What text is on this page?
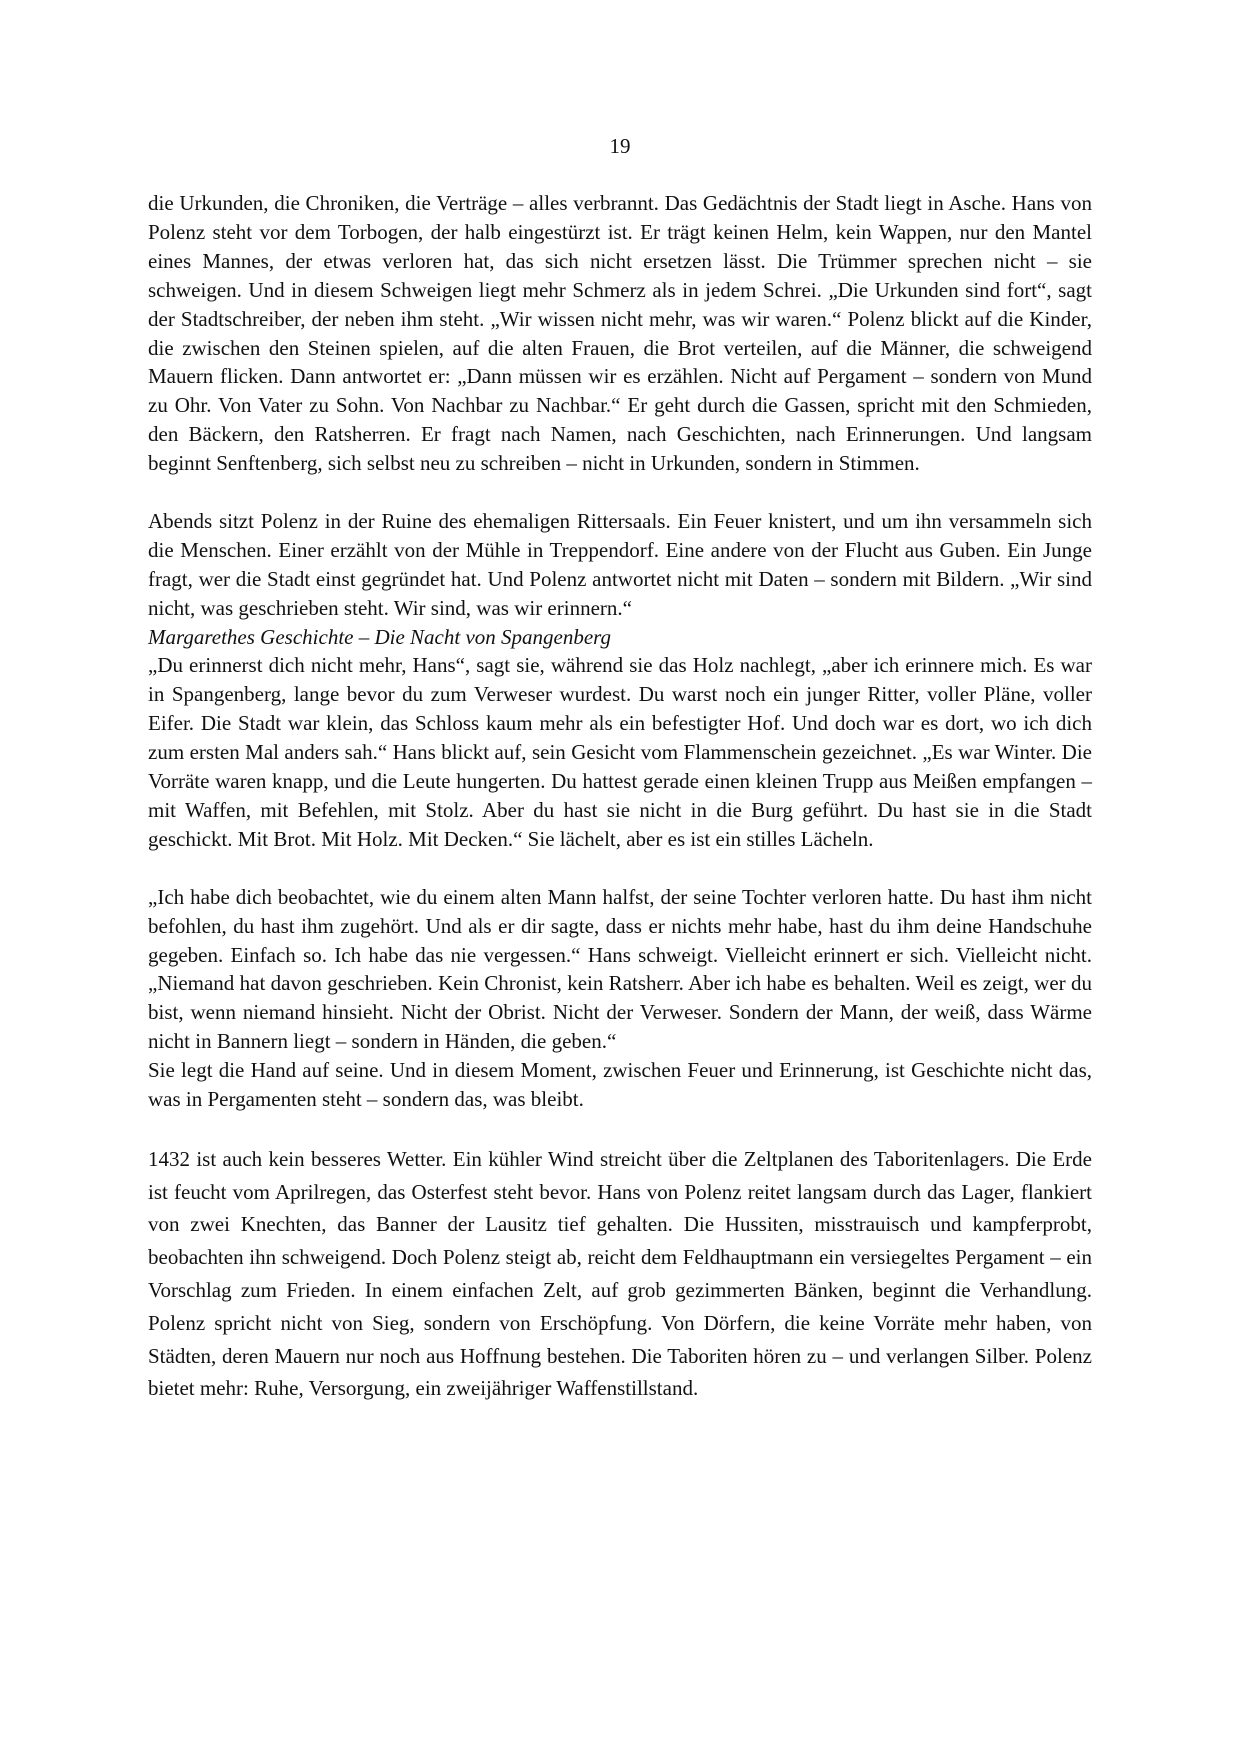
19

die Urkunden, die Chroniken, die Verträge – alles verbrannt. Das Gedächtnis der Stadt liegt in Asche. Hans von Polenz steht vor dem Torbogen, der halb eingestürzt ist. Er trägt keinen Helm, kein Wappen, nur den Mantel eines Mannes, der etwas verloren hat, das sich nicht ersetzen lässt. Die Trümmer sprechen nicht – sie schweigen. Und in diesem Schweigen liegt mehr Schmerz als in jedem Schrei. „Die Urkunden sind fort“, sagt der Stadtschreiber, der neben ihm steht. „Wir wissen nicht mehr, was wir waren.“ Polenz blickt auf die Kinder, die zwischen den Steinen spielen, auf die alten Frauen, die Brot verteilen, auf die Männer, die schweigend Mauern flicken. Dann antwortet er: „Dann müssen wir es erzählen. Nicht auf Pergament – sondern von Mund zu Ohr. Von Vater zu Sohn. Von Nachbar zu Nachbar.“ Er geht durch die Gassen, spricht mit den Schmieden, den Bäckern, den Ratsherren. Er fragt nach Namen, nach Geschichten, nach Erinnerungen. Und langsam beginnt Senftenberg, sich selbst neu zu schreiben – nicht in Urkunden, sondern in Stimmen.

Abends sitzt Polenz in der Ruine des ehemaligen Rittersaals. Ein Feuer knistert, und um ihn versammeln sich die Menschen. Einer erzählt von der Mühle in Treppendorf. Eine andere von der Flucht aus Guben. Ein Junge fragt, wer die Stadt einst gegründet hat. Und Polenz antwortet nicht mit Daten – sondern mit Bildern. „Wir sind nicht, was geschrieben steht. Wir sind, was wir erinnern.“

Margarethes Geschichte – Die Nacht von Spangenberg

„Du erinnerst dich nicht mehr, Hans“, sagt sie, während sie das Holz nachlegt, „aber ich erinnere mich. Es war in Spangenberg, lange bevor du zum Verweser wurdest. Du warst noch ein junger Ritter, voller Pläne, voller Eifer. Die Stadt war klein, das Schloss kaum mehr als ein befestigter Hof. Und doch war es dort, wo ich dich zum ersten Mal anders sah.“ Hans blickt auf, sein Gesicht vom Flammenschein gezeichnet. „Es war Winter. Die Vorräte waren knapp, und die Leute hungerten. Du hattest gerade einen kleinen Trupp aus Meißen empfangen – mit Waffen, mit Befehlen, mit Stolz. Aber du hast sie nicht in die Burg geführt. Du hast sie in die Stadt geschickt. Mit Brot. Mit Holz. Mit Decken.“ Sie lächelt, aber es ist ein stilles Lächeln.

„Ich habe dich beobachtet, wie du einem alten Mann halfst, der seine Tochter verloren hatte. Du hast ihm nicht befohlen, du hast ihm zugehört. Und als er dir sagte, dass er nichts mehr habe, hast du ihm deine Handschuhe gegeben. Einfach so. Ich habe das nie vergessen.“ Hans schweigt. Vielleicht erinnert er sich. Vielleicht nicht. „Niemand hat davon geschrieben. Kein Chronist, kein Ratsherr. Aber ich habe es behalten. Weil es zeigt, wer du bist, wenn niemand hinsieht. Nicht der Obrist. Nicht der Verweser. Sondern der Mann, der weiß, dass Wärme nicht in Bannern liegt – sondern in Händen, die geben.“

Sie legt die Hand auf seine. Und in diesem Moment, zwischen Feuer und Erinnerung, ist Geschichte nicht das, was in Pergamenten steht – sondern das, was bleibt.

1432 ist auch kein besseres Wetter. Ein kühler Wind streicht über die Zeltplanen des Taboritenlagers. Die Erde ist feucht vom Aprilregen, das Osterfest steht bevor. Hans von Polenz reitet langsam durch das Lager, flankiert von zwei Knechten, das Banner der Lausitz tief gehalten. Die Hussiten, misstrauisch und kampferprobt, beobachten ihn schweigend. Doch Polenz steigt ab, reicht dem Feldhauptmann ein versiegeltes Pergament – ein Vorschlag zum Frieden. In einem einfachen Zelt, auf grob gezimmerten Bänken, beginnt die Verhandlung. Polenz spricht nicht von Sieg, sondern von Erschöpfung. Von Dörfern, die keine Vorräte mehr haben, von Städten, deren Mauern nur noch aus Hoffnung bestehen. Die Taboriten hören zu – und verlangen Silber. Polenz bietet mehr: Ruhe, Versorgung, ein zweijähriger Waffenstillstand.
